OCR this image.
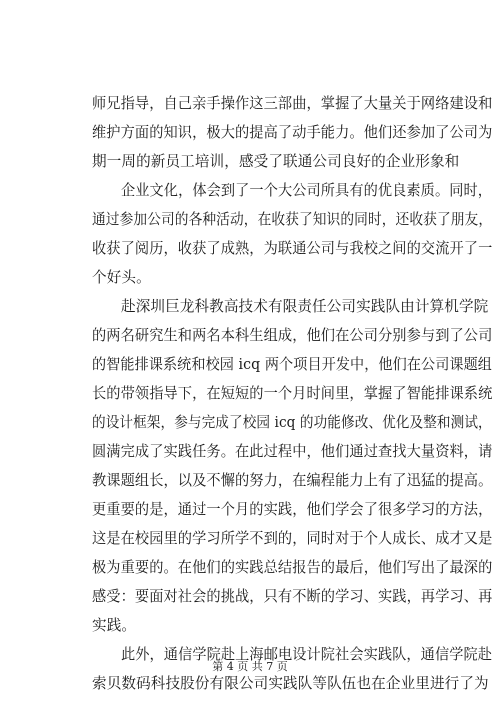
师兄指导，自己亲手操作这三部曲，掌握了大量关于网络建设和
维护方面的知识，极大的提高了动手能力。他们还参加了公司为
期一周的新员工培训，感受了联通公司良好的企业形象和
企业文化，体会到了一个大公司所具有的优良素质。同时，
通过参加公司的各种活动，在收获了知识的同时，还收获了朋友，
收获了阅历，收获了成熟，为联通公司与我校之间的交流开了一
个好头。
赴深圳巨龙科教高技术有限责任公司实践队由计算机学院
的两名研究生和两名本科生组成，他们在公司分别参与到了公司
的智能排课系统和校园 icq 两个项目开发中，他们在公司课题组
长的带领指导下，在短短的一个月时间里，掌握了智能排课系统
的设计框架，参与完成了校园 icq 的功能修改、优化及整和测试，
圆满完成了实践任务。在此过程中，他们通过查找大量资料，请
教课题组长，以及不懈的努力，在编程能力上有了迅猛的提高。
更重要的是，通过一个月的实践，他们学会了很多学习的方法，
这是在校园里的学习所学不到的，同时对于个人成长、成才又是
极为重要的。在他们的实践总结报告的最后，他们写出了最深的
感受：要面对社会的挑战，只有不断的学习、实践，再学习、再
实践。
此外，通信学院赴上海邮电设计院社会实践队，通信学院赴
索贝数码科技股份有限公司实践队等队伍也在企业里进行了为
第 4 页 共 7 页
